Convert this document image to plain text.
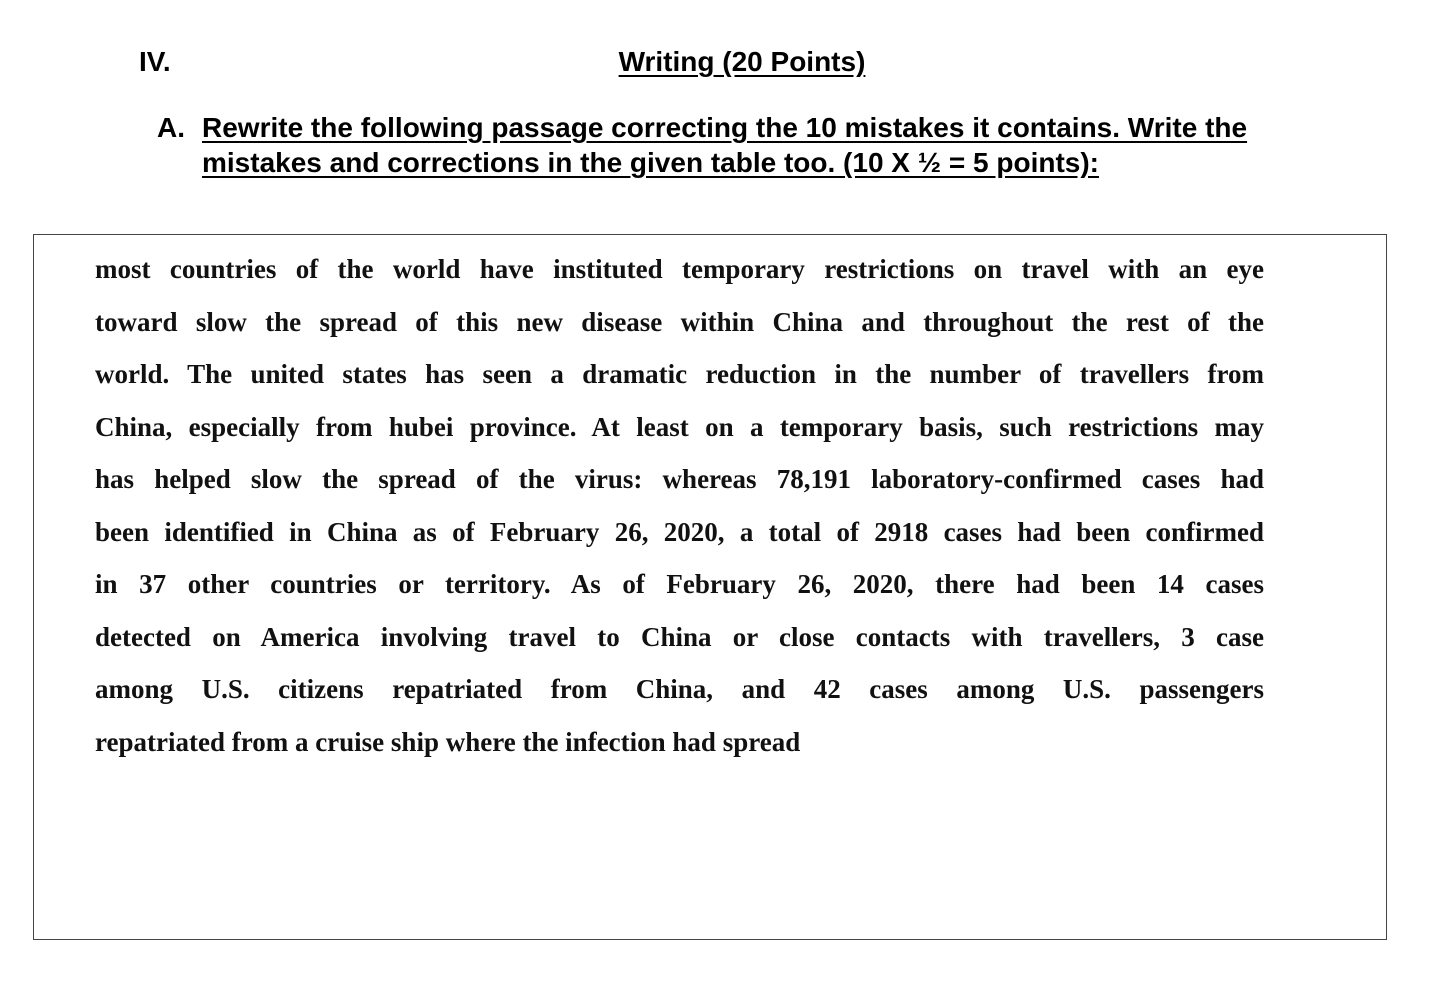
IV.	Writing (20 Points)
A. Rewrite the following passage correcting the 10 mistakes it contains. Write the mistakes and corrections in the given table too. (10 X ½ = 5 points):
most countries of the world have instituted temporary restrictions on travel with an eye
toward slow the spread of this new disease within China and throughout the rest of the
world. The united states has seen a dramatic reduction in the number of travellers from
China, especially from hubei province. At least on a temporary basis, such restrictions may
has helped slow the spread of the virus: whereas 78,191 laboratory-confirmed cases had
been identified in China as of February 26, 2020, a total of 2918 cases had been confirmed
in 37 other countries or territory. As of February 26, 2020, there had been 14 cases
detected on America involving travel to China or close contacts with travellers, 3 case
among U.S. citizens repatriated from China, and 42 cases among U.S. passengers
repatriated from a cruise ship where the infection had spread
